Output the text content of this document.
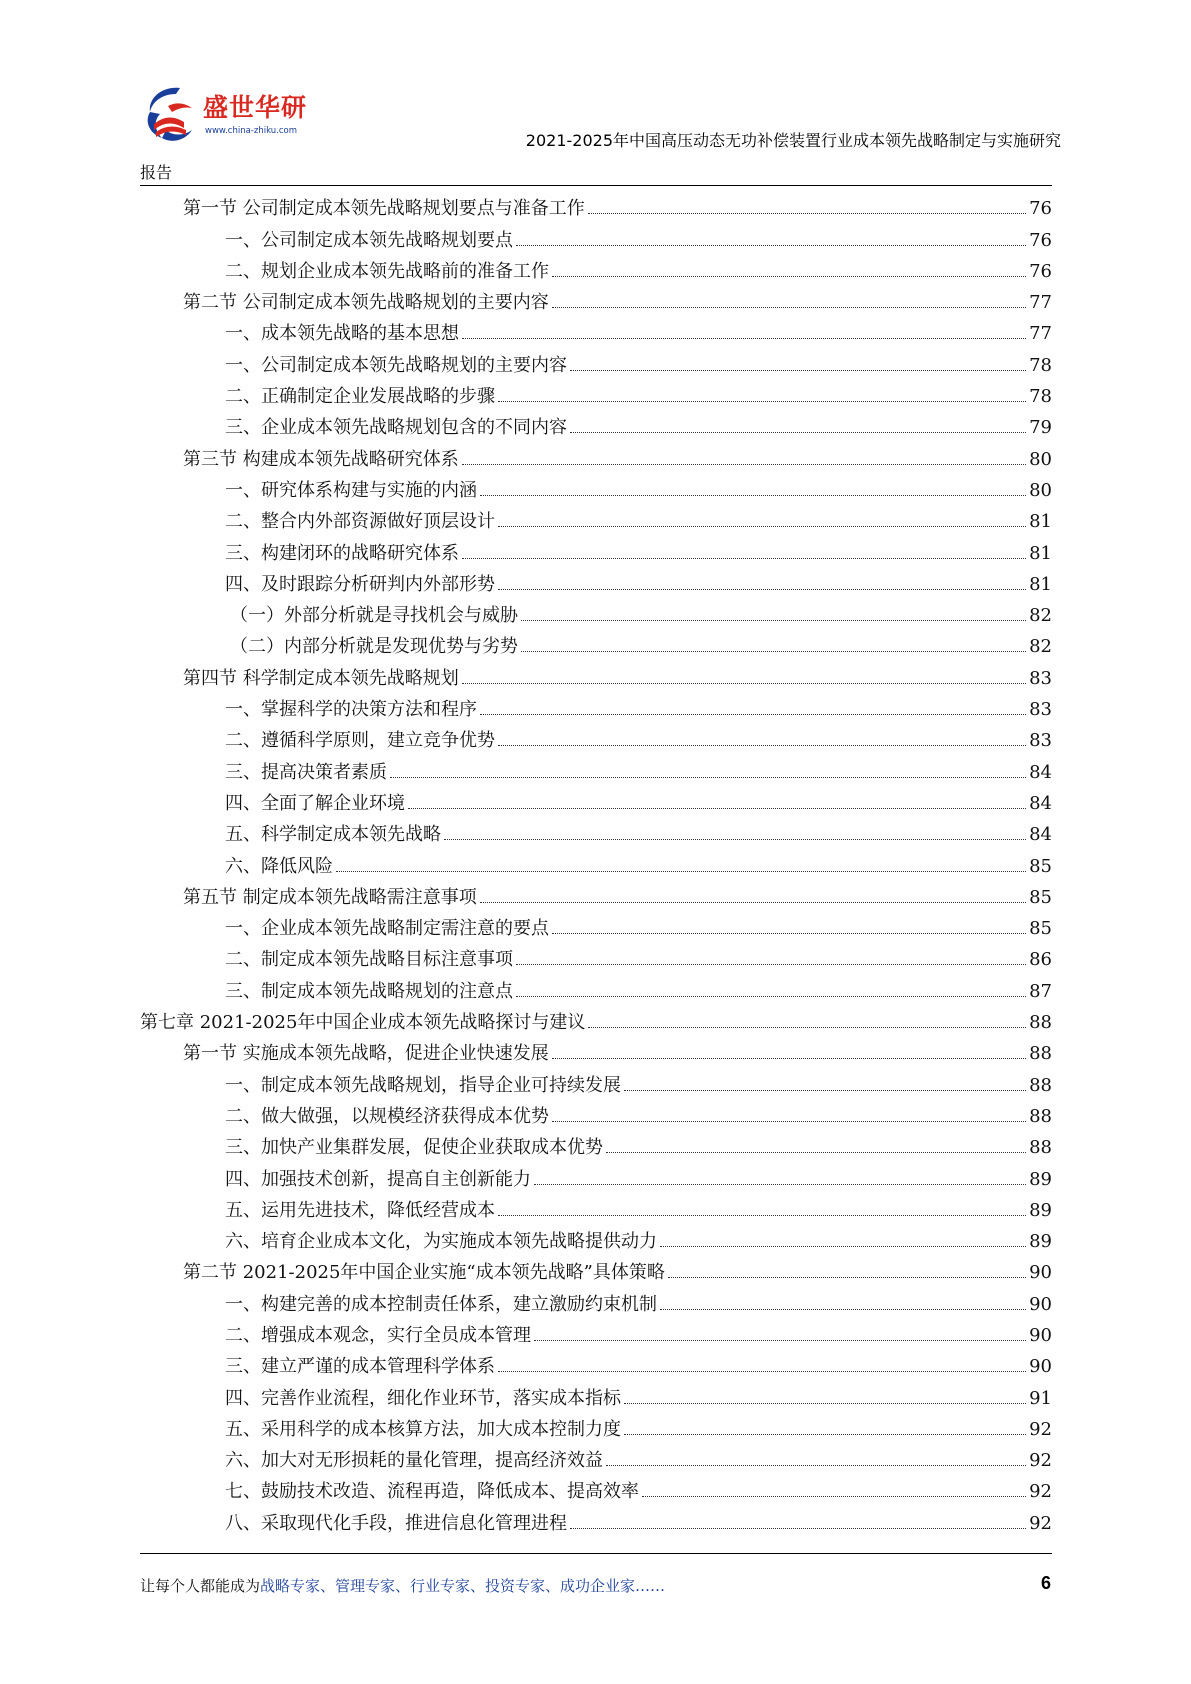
盛世华研
www.china-zhiku.com	2021-2025年中国高压动态无功补偿装置行业成本领先战略制定与实施研究
报告
第一节 公司制定成本领先战略规划要点与准备工作	76
一、公司制定成本领先战略规划要点	76
二、规划企业成本领先战略前的准备工作	76
第二节 公司制定成本领先战略规划的主要内容	77
一、成本领先战略的基本思想	77
一、公司制定成本领先战略规划的主要内容	78
二、正确制定企业发展战略的步骤	78
三、企业成本领先战略规划包含的不同内容	79
第三节 构建成本领先战略研究体系	80
一、研究体系构建与实施的内涵	80
二、整合内外部资源做好顶层设计	81
三、构建闭环的战略研究体系	81
四、及时跟踪分析研判内外部形势	81
（一）外部分析就是寻找机会与威胁	82
（二）内部分析就是发现优势与劣势	82
第四节 科学制定成本领先战略规划	83
一、掌握科学的决策方法和程序	83
二、遵循科学原则，建立竞争优势	83
三、提高决策者素质	84
四、全面了解企业环境	84
五、科学制定成本领先战略	84
六、降低风险	85
第五节 制定成本领先战略需注意事项	85
一、企业成本领先战略制定需注意的要点	85
二、制定成本领先战略目标注意事项	86
三、制定成本领先战略规划的注意点	87
第七章 2021-2025年中国企业成本领先战略探讨与建议	88
第一节 实施成本领先战略，促进企业快速发展	88
一、制定成本领先战略规划，指导企业可持续发展	88
二、做大做强，以规模经济获得成本优势	88
三、加快产业集群发展，促使企业获取成本优势	88
四、加强技术创新，提高自主创新能力	89
五、运用先进技术，降低经营成本	89
六、培育企业成本文化，为实施成本领先战略提供动力	89
第二节 2021-2025年中国企业实施“成本领先战略”具体策略	90
一、构建完善的成本控制责任体系，建立激励约束机制	90
二、增强成本观念，实行全员成本管理	90
三、建立严谨的成本管理科学体系	90
四、完善作业流程，细化作业环节，落实成本指标	91
五、采用科学的成本核算方法，加大成本控制力度	92
六、加大对无形损耗的量化管理，提高经济效益	92
七、鼓励技术改造、流程再造，降低成本、提高效率	92
八、采取现代化手段，推进信息化管理进程	92
让每个人都能成为战略专家、管理专家、行业专家、投资专家、成功企业家……	6
